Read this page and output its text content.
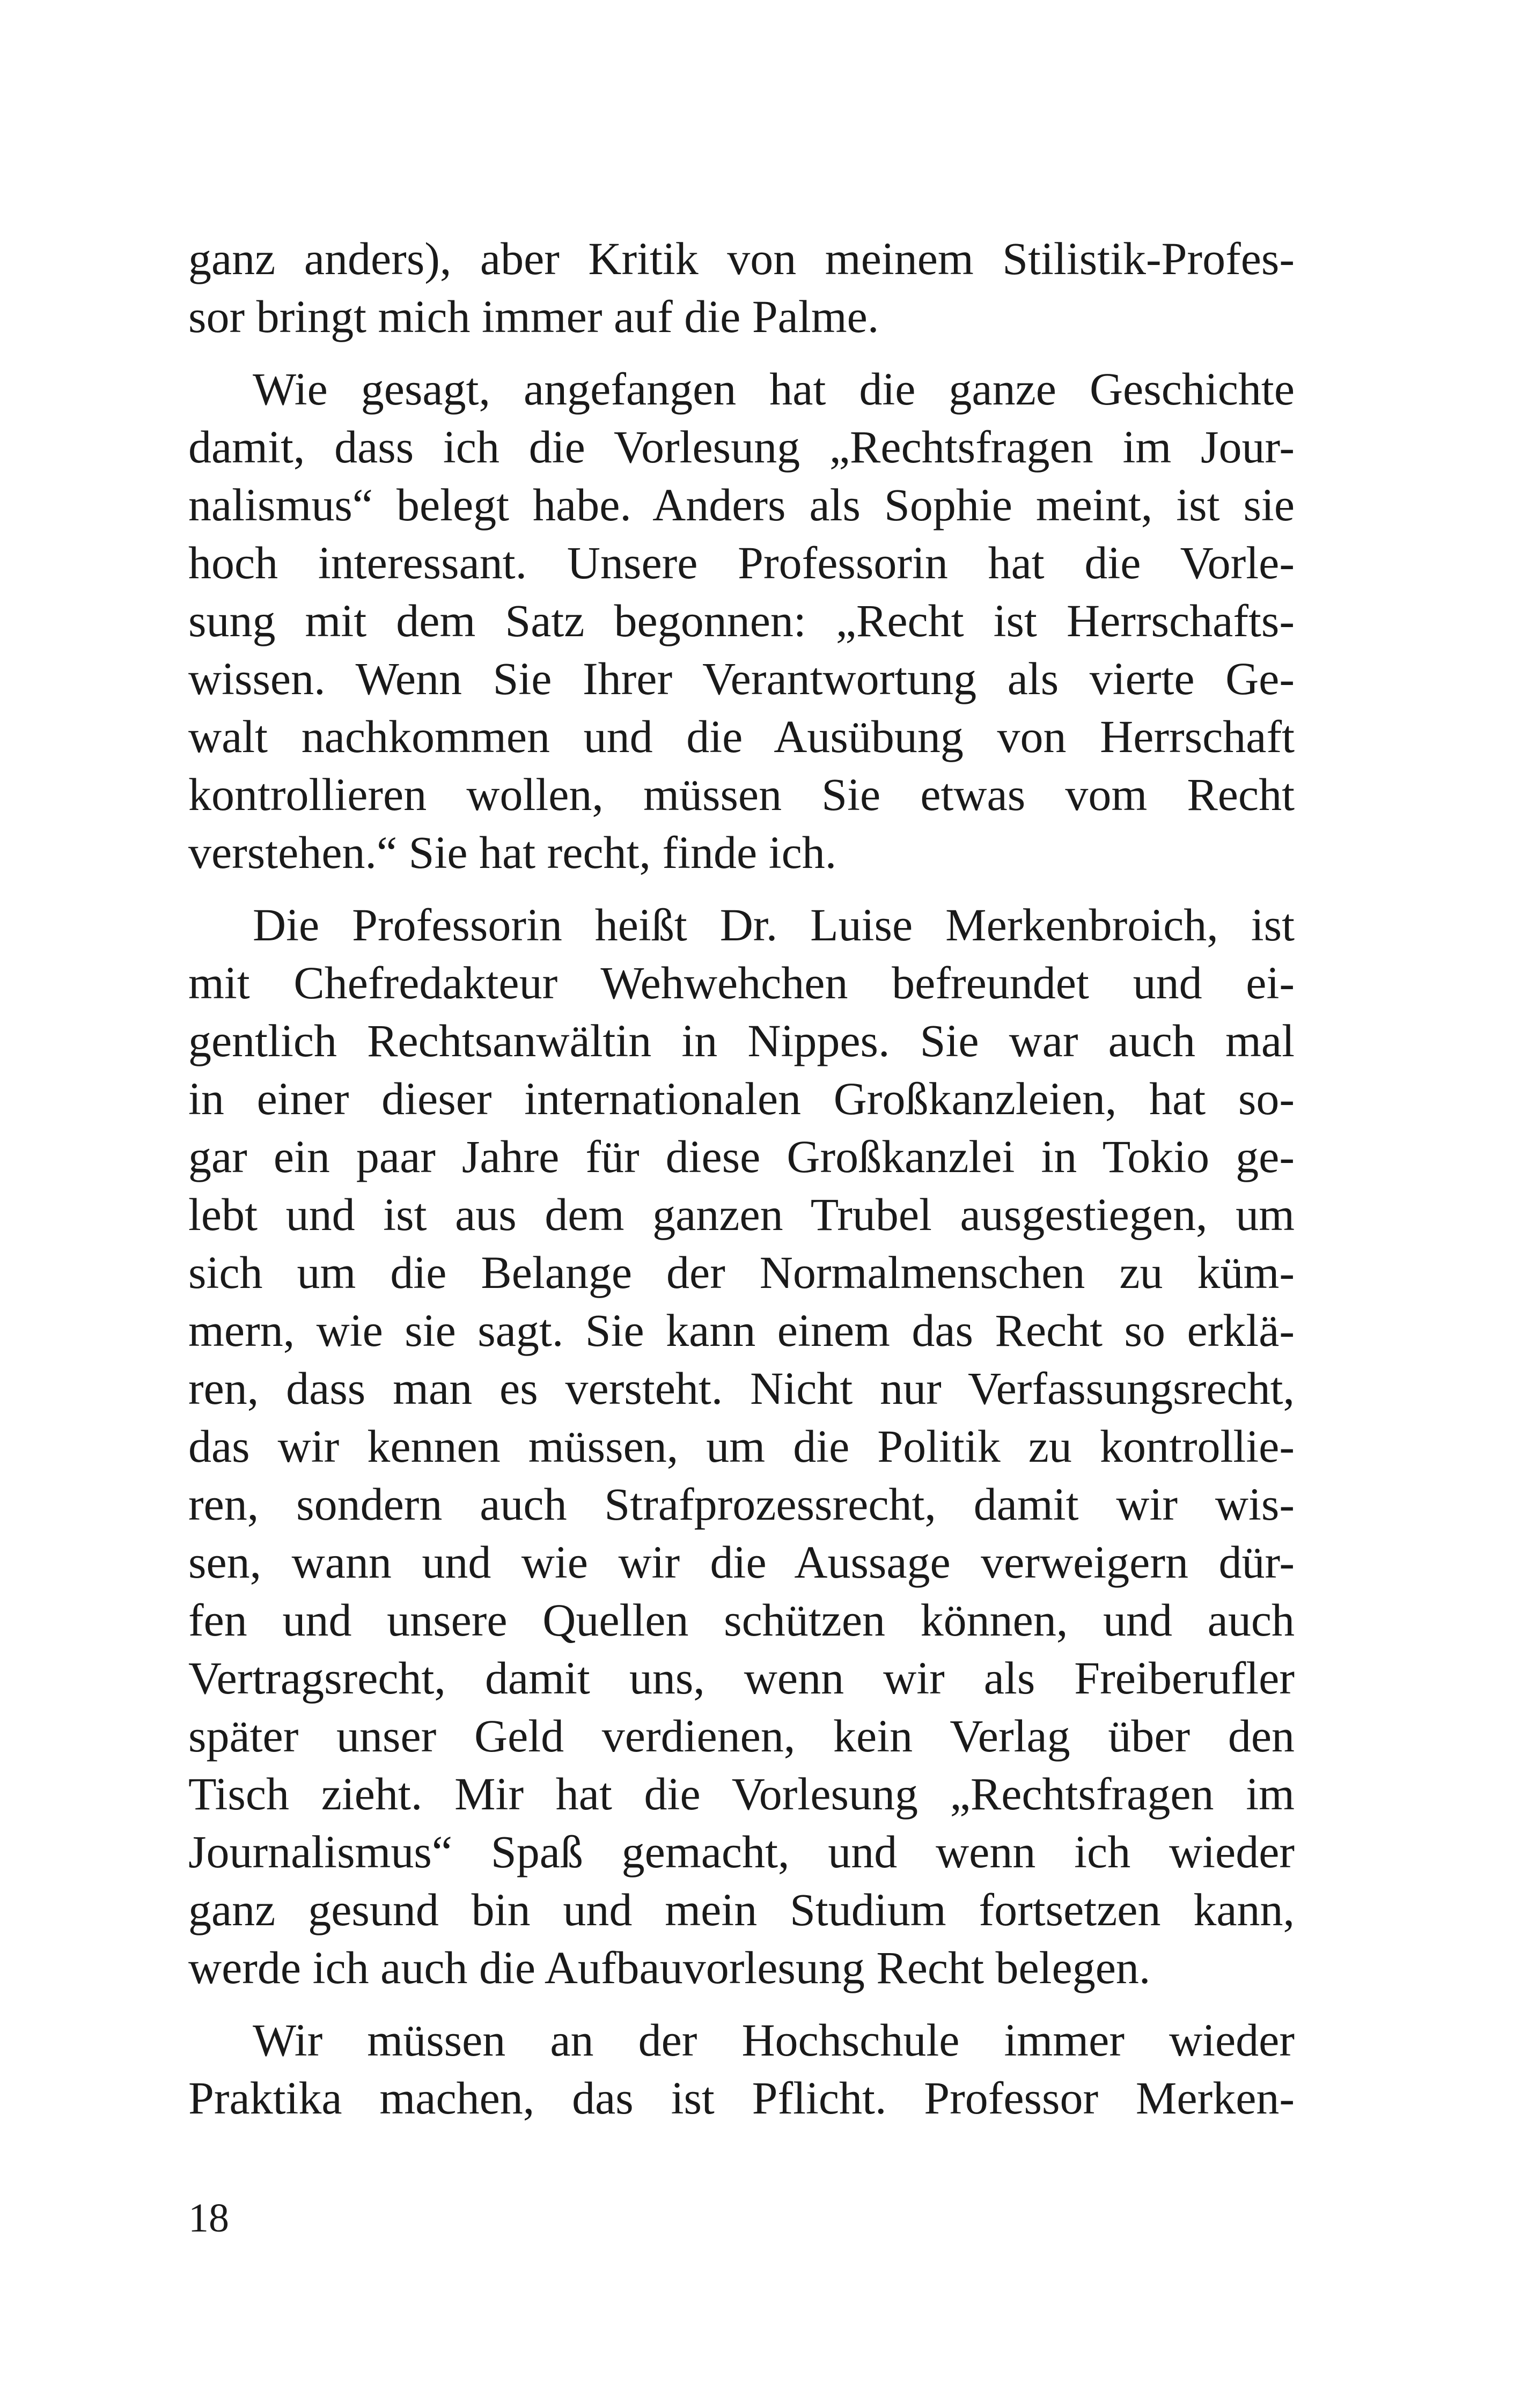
ganz anders), aber Kritik von meinem Stilistik-Profes-
sor bringt mich immer auf die Palme.

Wie gesagt, angefangen hat die ganze Geschichte
damit, dass ich die Vorlesung „Rechtsfragen im Jour-
nalismus“ belegt habe. Anders als Sophie meint, ist sie
hoch interessant. Unsere Professorin hat die Vorle-
sung mit dem Satz begonnen: „Recht ist Herrschafts-
wissen. Wenn Sie Ihrer Verantwortung als vierte Ge-
walt nachkommen und die Ausübung von Herrschaft
kontrollieren wollen, müssen Sie etwas vom Recht
verstehen.“ Sie hat recht, finde ich.

Die Professorin heißt Dr. Luise Merkenbroich, ist
mit Chefredakteur Wehwehchen befreundet und ei-
gentlich Rechtsanwältin in Nippes. Sie war auch mal
in einer dieser internationalen Großkanzleien, hat so-
gar ein paar Jahre für diese Großkanzlei in Tokio ge-
lebt und ist aus dem ganzen Trubel ausgestiegen, um
sich um die Belange der Normalmenschen zu küm-
mern, wie sie sagt. Sie kann einem das Recht so erklä-
ren, dass man es versteht. Nicht nur Verfassungsrecht,
das wir kennen müssen, um die Politik zu kontrollie-
ren, sondern auch Strafprozessrecht, damit wir wis-
sen, wann und wie wir die Aussage verweigern dür-
fen und unsere Quellen schützen können, und auch
Vertragsrecht, damit uns, wenn wir als Freiberufler
später unser Geld verdienen, kein Verlag über den
Tisch zieht. Mir hat die Vorlesung „Rechtsfragen im
Journalismus“ Spaß gemacht, und wenn ich wieder
ganz gesund bin und mein Studium fortsetzen kann,
werde ich auch die Aufbauvorlesung Recht belegen.

Wir müssen an der Hochschule immer wieder
Praktika machen, das ist Pflicht. Professor Merken-

18
